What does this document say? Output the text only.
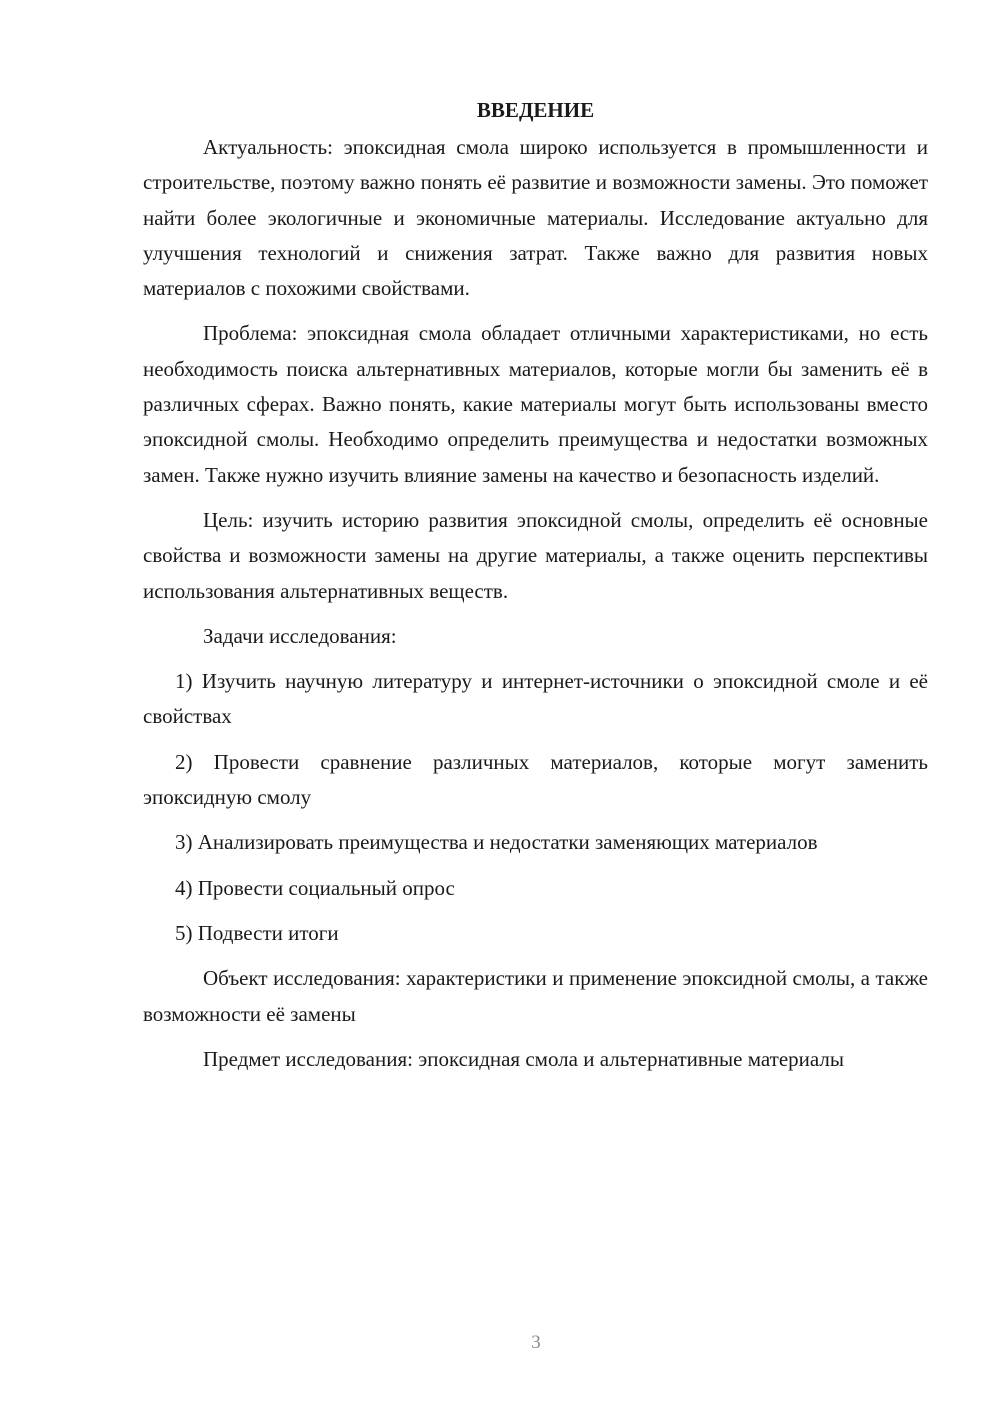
ВВЕДЕНИЕ

Актуальность: эпоксидная смола широко используется в промышленности и строительстве, поэтому важно понять её развитие и возможности замены. Это поможет найти более экологичные и экономичные материалы. Исследование актуально для улучшения технологий и снижения затрат. Также важно для развития новых материалов с похожими свойствами.

Проблема: эпоксидная смола обладает отличными характеристиками, но есть необходимость поиска альтернативных материалов, которые могли бы заменить её в различных сферах. Важно понять, какие материалы могут быть использованы вместо эпоксидной смолы. Необходимо определить преимущества и недостатки возможных замен. Также нужно изучить влияние замены на качество и безопасность изделий.

Цель: изучить историю развития эпоксидной смолы, определить её основные свойства и возможности замены на другие материалы, а также оценить перспективы использования альтернативных веществ.

Задачи исследования:

1) Изучить научную литературу и интернет-источники о эпоксидной смоле и её свойствах

2) Провести сравнение различных материалов, которые могут заменить эпоксидную смолу

3) Анализировать преимущества и недостатки заменяющих материалов

4) Провести социальный опрос

5) Подвести итоги

Объект исследования: характеристики и применение эпоксидной смолы, а также возможности её замены

Предмет исследования: эпоксидная смола и альтернативные материалы

3
